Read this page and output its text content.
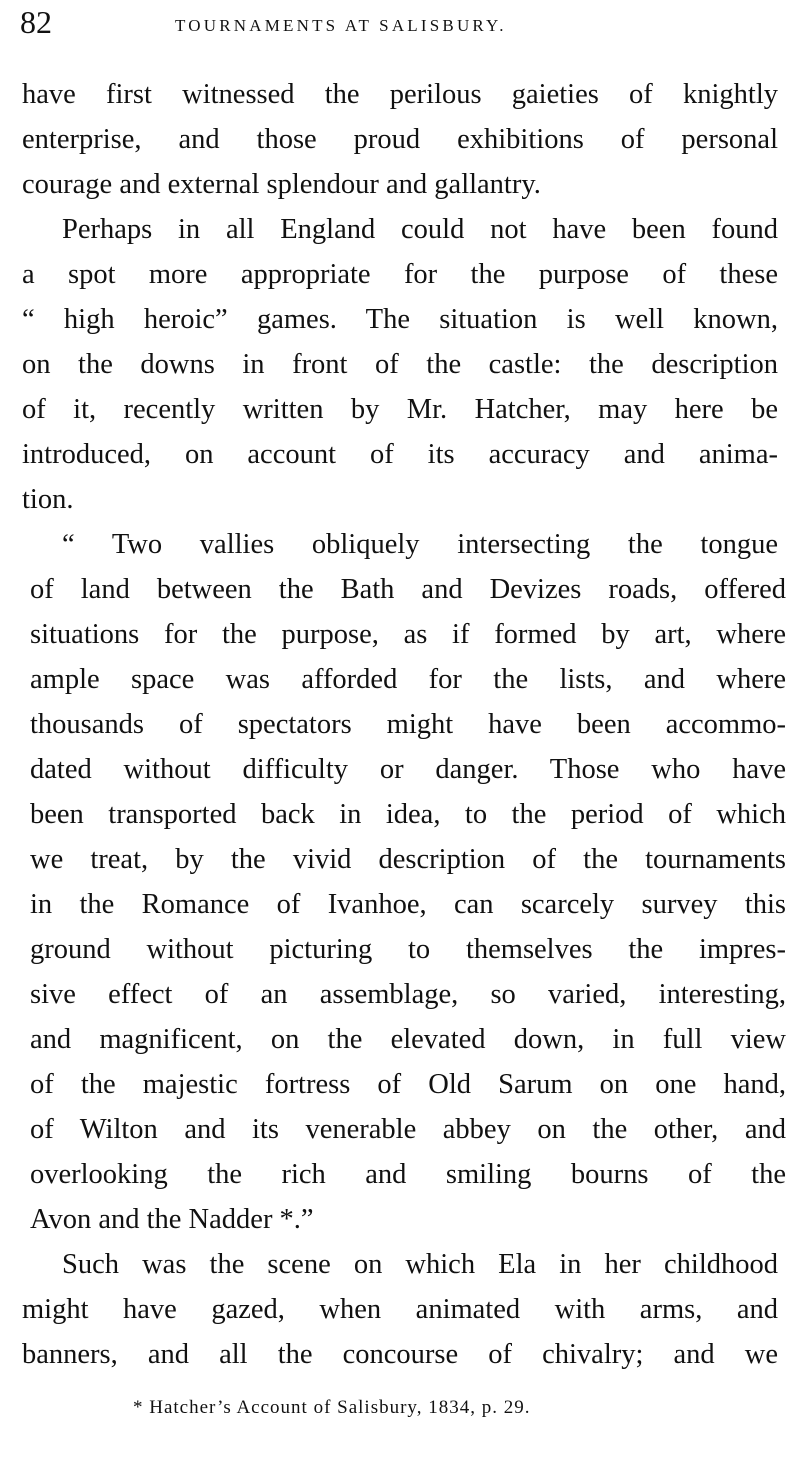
82	TOURNAMENTS AT SALISBURY.
have first witnessed the perilous gaieties of knightly
enterprise, and those proud exhibitions of personal
courage and external splendour and gallantry.
Perhaps in all England could not have been found
a spot more appropriate for the purpose of these
“ high heroic” games. The situation is well known,
on the downs in front of the castle: the description
of it, recently written by Mr. Hatcher, may here be
introduced, on account of its accuracy and anima-
tion.
“ Two vallies obliquely intersecting the tongue
of land between the Bath and Devizes roads, offered
situations for the purpose, as if formed by art, where
ample space was afforded for the lists, and where
thousands of spectators might have been accommo-
dated without difficulty or danger. Those who have
been transported back in idea, to the period of which
we treat, by the vivid description of the tournaments
in the Romance of Ivanhoe, can scarcely survey this
ground without picturing to themselves the impres-
sive effect of an assemblage, so varied, interesting,
and magnificent, on the elevated down, in full view
of the majestic fortress of Old Sarum on one hand,
of Wilton and its venerable abbey on the other, and
overlooking the rich and smiling bourns of the
Avon and the Nadder *.”
Such was the scene on which Ela in her childhood
might have gazed, when animated with arms, and
banners, and all the concourse of chivalry; and we
* Hatcher’s Account of Salisbury, 1834, p. 29.
